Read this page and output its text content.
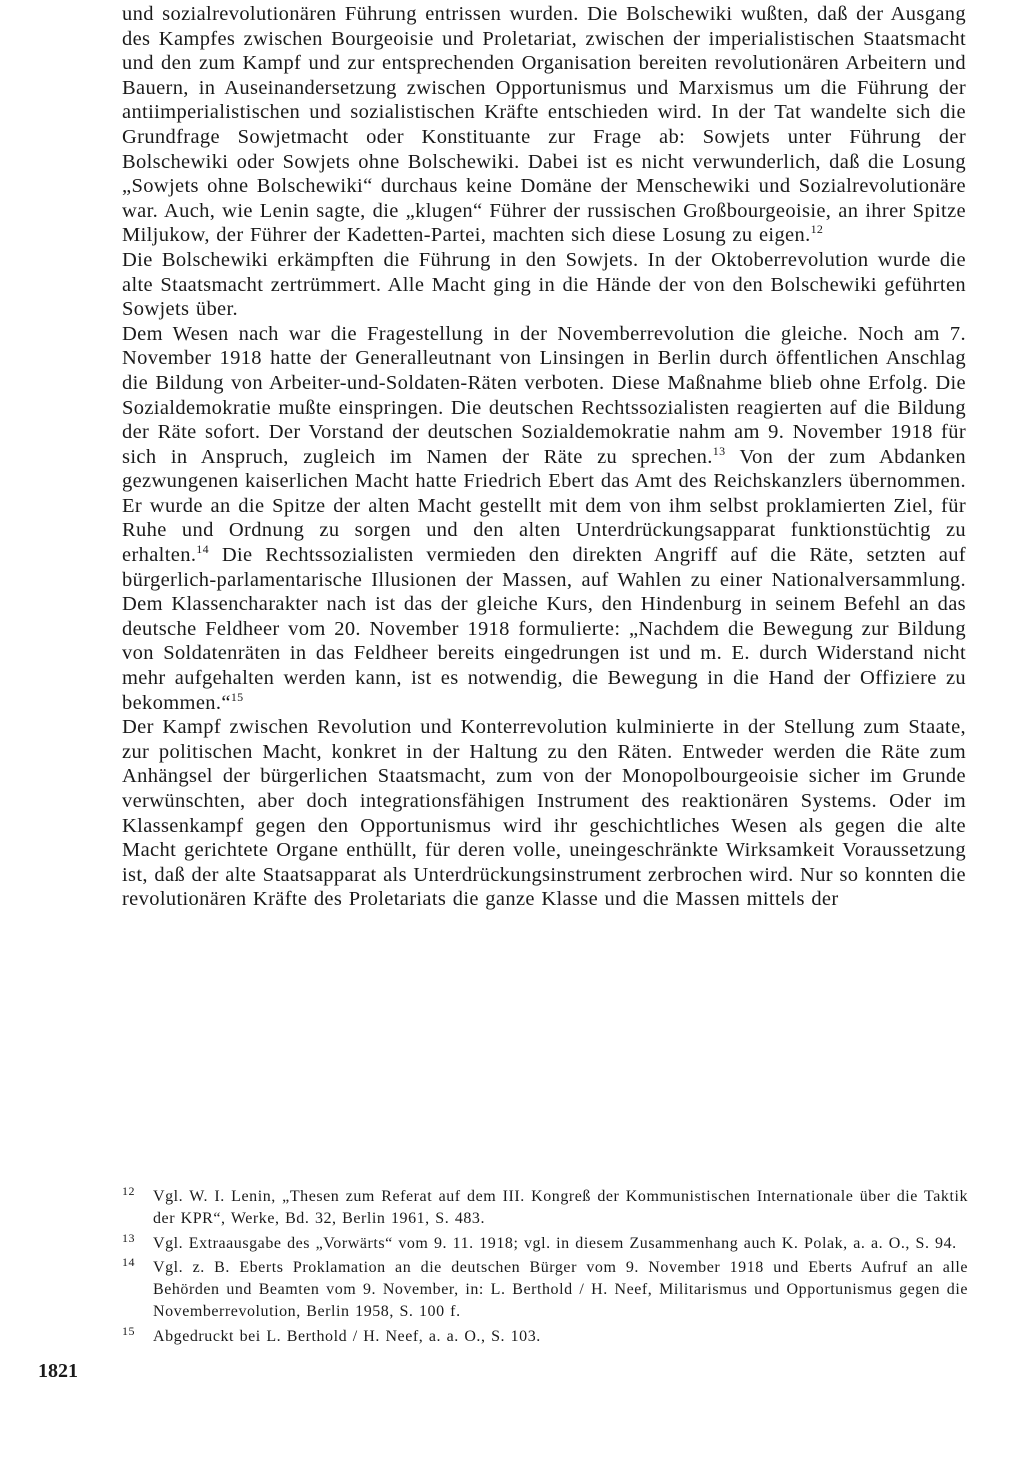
und sozialrevolutionären Führung entrissen wurden. Die Bolschewiki wußten, daß der Ausgang des Kampfes zwischen Bourgeoisie und Proletariat, zwischen der imperialistischen Staatsmacht und den zum Kampf und zur entsprechenden Organisation bereiten revolutionären Arbeitern und Bauern, in Auseinandersetzung zwischen Opportunismus und Marxismus um die Führung der antiimperialistischen und sozialistischen Kräfte entschieden wird. In der Tat wandelte sich die Grundfrage Sowjetmacht oder Konstituante zur Frage ab: Sowjets unter Führung der Bolschewiki oder Sowjets ohne Bolschewiki. Dabei ist es nicht verwunderlich, daß die Losung „Sowjets ohne Bolschewiki“ durchaus keine Domäne der Menschewiki und Sozialrevolutionäre war. Auch, wie Lenin sagte, die „klugen“ Führer der russischen Großbourgeoisie, an ihrer Spitze Miljukow, der Führer der Kadetten-Partei, machten sich diese Losung zu eigen.$^{12}$

Die Bolschewiki erkämpften die Führung in den Sowjets. In der Oktoberrevolution wurde die alte Staatsmacht zertrümmert. Alle Macht ging in die Hände der von den Bolschewiki geführten Sowjets über.

Dem Wesen nach war die Fragestellung in der Novemberrevolution die gleiche. Noch am 7. November 1918 hatte der Generalleutnant von Linsingen in Berlin durch öffentlichen Anschlag die Bildung von Arbeiter-und-Soldaten-Räten verboten. Diese Maßnahme blieb ohne Erfolg. Die Sozialdemokratie mußte einspringen. Die deutschen Rechtssozialisten reagierten auf die Bildung der Räte sofort. Der Vorstand der deutschen Sozialdemokratie nahm am 9. November 1918 für sich in Anspruch, zugleich im Namen der Räte zu sprechen.$^{13}$ Von der zum Abdanken gezwungenen kaiserlichen Macht hatte Friedrich Ebert das Amt des Reichskanzlers übernommen. Er wurde an die Spitze der alten Macht gestellt mit dem von ihm selbst proklamierten Ziel, für Ruhe und Ordnung zu sorgen und den alten Unterdrückungsapparat funktionstüchtig zu erhalten.$^{14}$ Die Rechtssozialisten vermieden den direkten Angriff auf die Räte, setzten auf bürgerlich-parlamentarische Illusionen der Massen, auf Wahlen zu einer Nationalversammlung. Dem Klassencharakter nach ist das der gleiche Kurs, den Hindenburg in seinem Befehl an das deutsche Feldheer vom 20. November 1918 formulierte: „Nachdem die Bewegung zur Bildung von Soldatenräten in das Feldheer bereits eingedrungen ist und m. E. durch Widerstand nicht mehr aufgehalten werden kann, ist es notwendig, die Bewegung in die Hand der Offiziere zu bekommen.“$^{15}$

Der Kampf zwischen Revolution und Konterrevolution kulminierte in der Stellung zum Staate, zur politischen Macht, konkret in der Haltung zu den Räten. Entweder werden die Räte zum Anhängsel der bürgerlichen Staatsmacht, zum von der Monopolbourgeoisie sicher im Grunde verwünschten, aber doch integrationsfähigen Instrument des reaktionären Systems. Oder im Klassenkampf gegen den Opportunismus wird ihr geschichtliches Wesen als gegen die alte Macht gerichtete Organe enthüllt, für deren volle, uneingeschränkte Wirksamkeit Voraussetzung ist, daß der alte Staatsapparat als Unterdrückungsinstrument zerbrochen wird. Nur so konnten die revolutionären Kräfte des Proletariats die ganze Klasse und die Massen mittels der

12 Vgl. W. I. Lenin, „Thesen zum Referat auf dem III. Kongreß der Kommunistischen Internationale über die Taktik der KPR“, Werke, Bd. 32, Berlin 1961, S. 483.
13 Vgl. Extraausgabe des „Vorwärts“ vom 9. 11. 1918; vgl. in diesem Zusammenhang auch K. Polak, a. a. O., S. 94.
14 Vgl. z. B. Eberts Proklamation an die deutschen Bürger vom 9. November 1918 und Eberts Aufruf an alle Behörden und Beamten vom 9. November, in: L. Berthold / H. Neef, Militarismus und Opportunismus gegen die Novemberrevolution, Berlin 1958, S. 100 f.
15 Abgedruckt bei L. Berthold / H. Neef, a. a. O., S. 103.
1821
